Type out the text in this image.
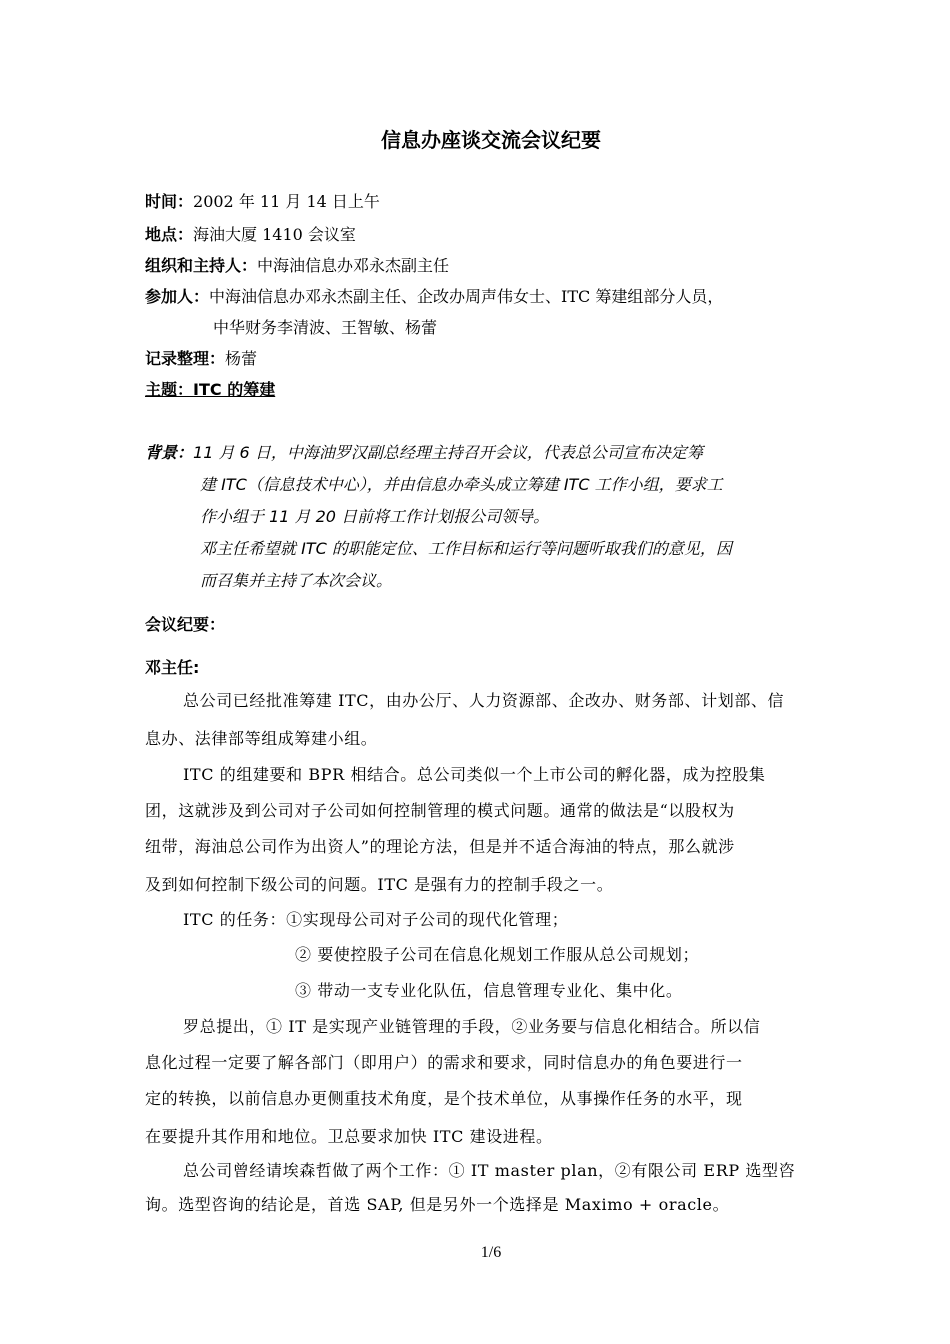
信息办座谈交流会议纪要
时间：2002 年 11 月 14 日上午
地点：海油大厦 1410 会议室
组织和主持人：中海油信息办邓永杰副主任
参加人：中海油信息办邓永杰副主任、企改办周声伟女士、ITC 筹建组部分人员，
中华财务李清波、王智敏、杨蕾
记录整理：杨蕾
主题：ITC 的筹建
背景：11 月 6 日，中海油罗汉副总经理主持召开会议，代表总公司宣布决定筹
建 ITC（信息技术中心），并由信息办牵头成立筹建 ITC 工作小组，要求工
作小组于 11 月 20 日前将工作计划报公司领导。
邓主任希望就 ITC 的职能定位、工作目标和运行等问题听取我们的意见，因
而召集并主持了本次会议。
会议纪要：
邓主任:
总公司已经批准筹建 ITC，由办公厅、人力资源部、企改办、财务部、计划部、信
息办、法律部等组成筹建小组。
ITC 的组建要和 BPR 相结合。总公司类似一个上市公司的孵化器，成为控股集
团，这就涉及到公司对子公司如何控制管理的模式问题。通常的做法是“以股权为
纽带，海油总公司作为出资人”的理论方法，但是并不适合海油的特点，那么就涉
及到如何控制下级公司的问题。ITC 是强有力的控制手段之一。
ITC 的任务：①实现母公司对子公司的现代化管理；
② 要使控股子公司在信息化规划工作服从总公司规划；
③ 带动一支专业化队伍，信息管理专业化、集中化。
罗总提出，① IT 是实现产业链管理的手段，②业务要与信息化相结合。所以信
息化过程一定要了解各部门（即用户）的需求和要求，同时信息办的角色要进行一
定的转换，以前信息办更侧重技术角度，是个技术单位，从事操作任务的水平，现
在要提升其作用和地位。卫总要求加快 ITC 建设进程。
总公司曾经请埃森哲做了两个工作：① IT master plan，②有限公司 ERP 选型咨
询。选型咨询的结论是，首选 SAP, 但是另外一个选择是 Maximo + oracle。
1/6
